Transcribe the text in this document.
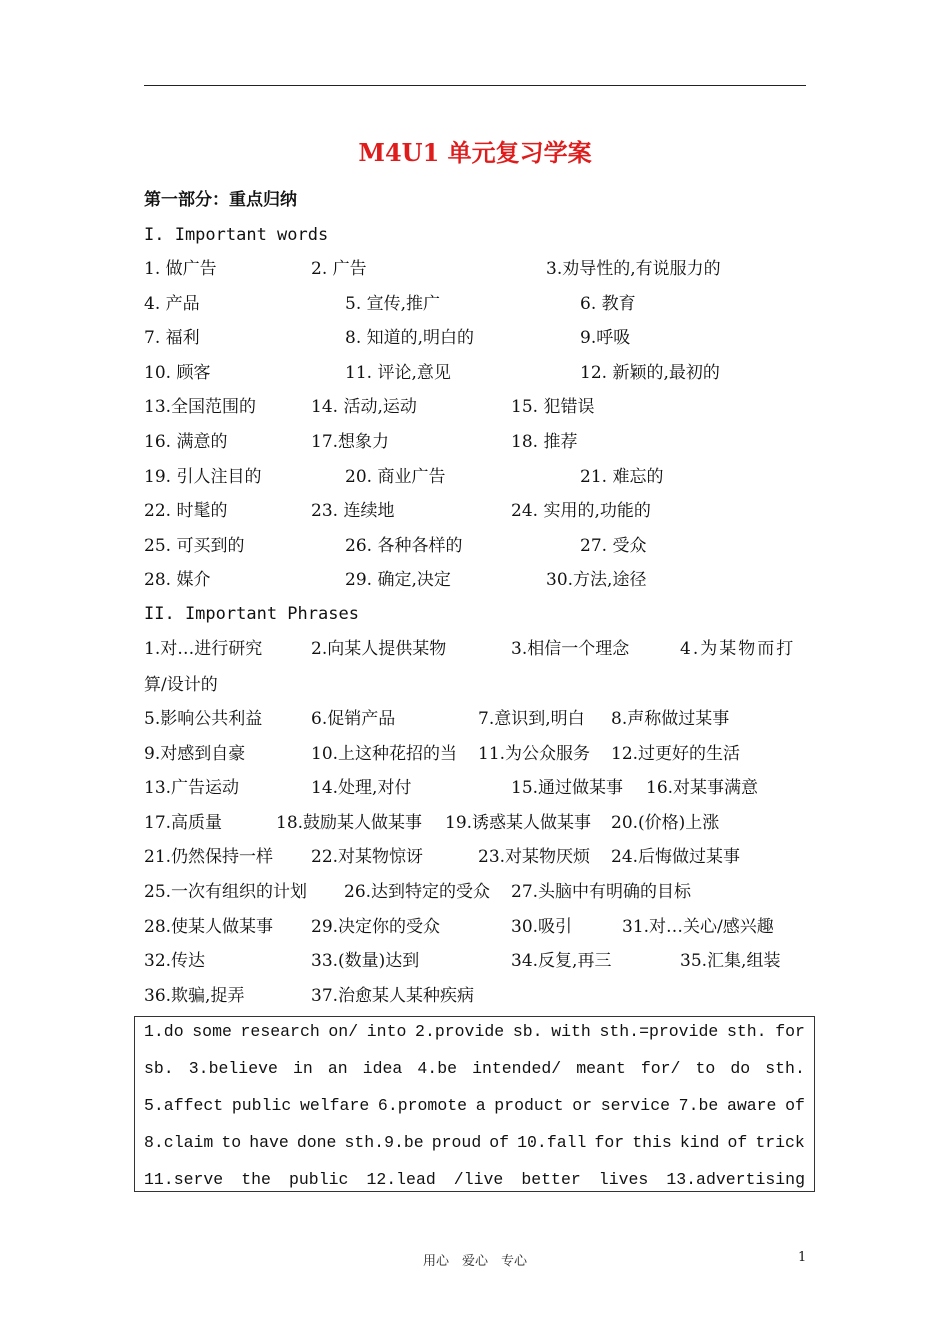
M4U1 单元复习学案
第一部分：重点归纳
I. Important words
1. 做广告	2. 广告	3.劝导性的,有说服力的
4. 产品	5. 宣传,推广	6. 教育
7. 福利	8. 知道的,明白的	9.呼吸
10. 顾客	11. 评论,意见	12. 新颖的,最初的
13.全国范围的	14. 活动,运动	15. 犯错误
16. 满意的	17.想象力	18. 推荐
19. 引人注目的	20. 商业广告	21. 难忘的
22. 时髦的	23. 连续地	24. 实用的,功能的
25. 可买到的	26. 各种各样的	27. 受众
28. 媒介	29. 确定,决定	30.方法,途径
II. Important Phrases
1.对…进行研究	2.向某人提供某物	3.相信一个理念	4.为某物而打
算/设计的
5.影响公共利益	6.促销产品	7.意识到,明白 8.声称做过某事
9.对感到自豪	10.上这种花招的当 11.为公众服务 12.过更好的生活
13.广告运动	14.处理,对付	15.通过做某事 16.对某事满意
17.高质量	18.鼓励某人做某事 19.诱惑某人做某事 20.(价格)上涨
21.仍然保持一样 22.对某物惊讶	23.对某物厌烦 24.后悔做过某事
25.一次有组织的计划 26.达到特定的受众 27.头脑中有明确的目标
28.使某人做某事 29.决定你的受众	30.吸引	31.对…关心/感兴趣
32.传达	33.(数量)达到	34.反复,再三	35.汇集,组装
36.欺骗,捉弄	37.治愈某人某种疾病
1.do some research on/ into 2.provide sb. with sth.=provide sth. for
sb. 3.believe in an idea 4.be intended/ meant for/ to do sth.
5.affect public welfare 6.promote a product or service 7.be aware of
8.claim to have done sth.9.be proud of 10.fall for this kind of trick
11.serve the public 12.lead /live better lives 13.advertising
用心　爱心　专心	1
